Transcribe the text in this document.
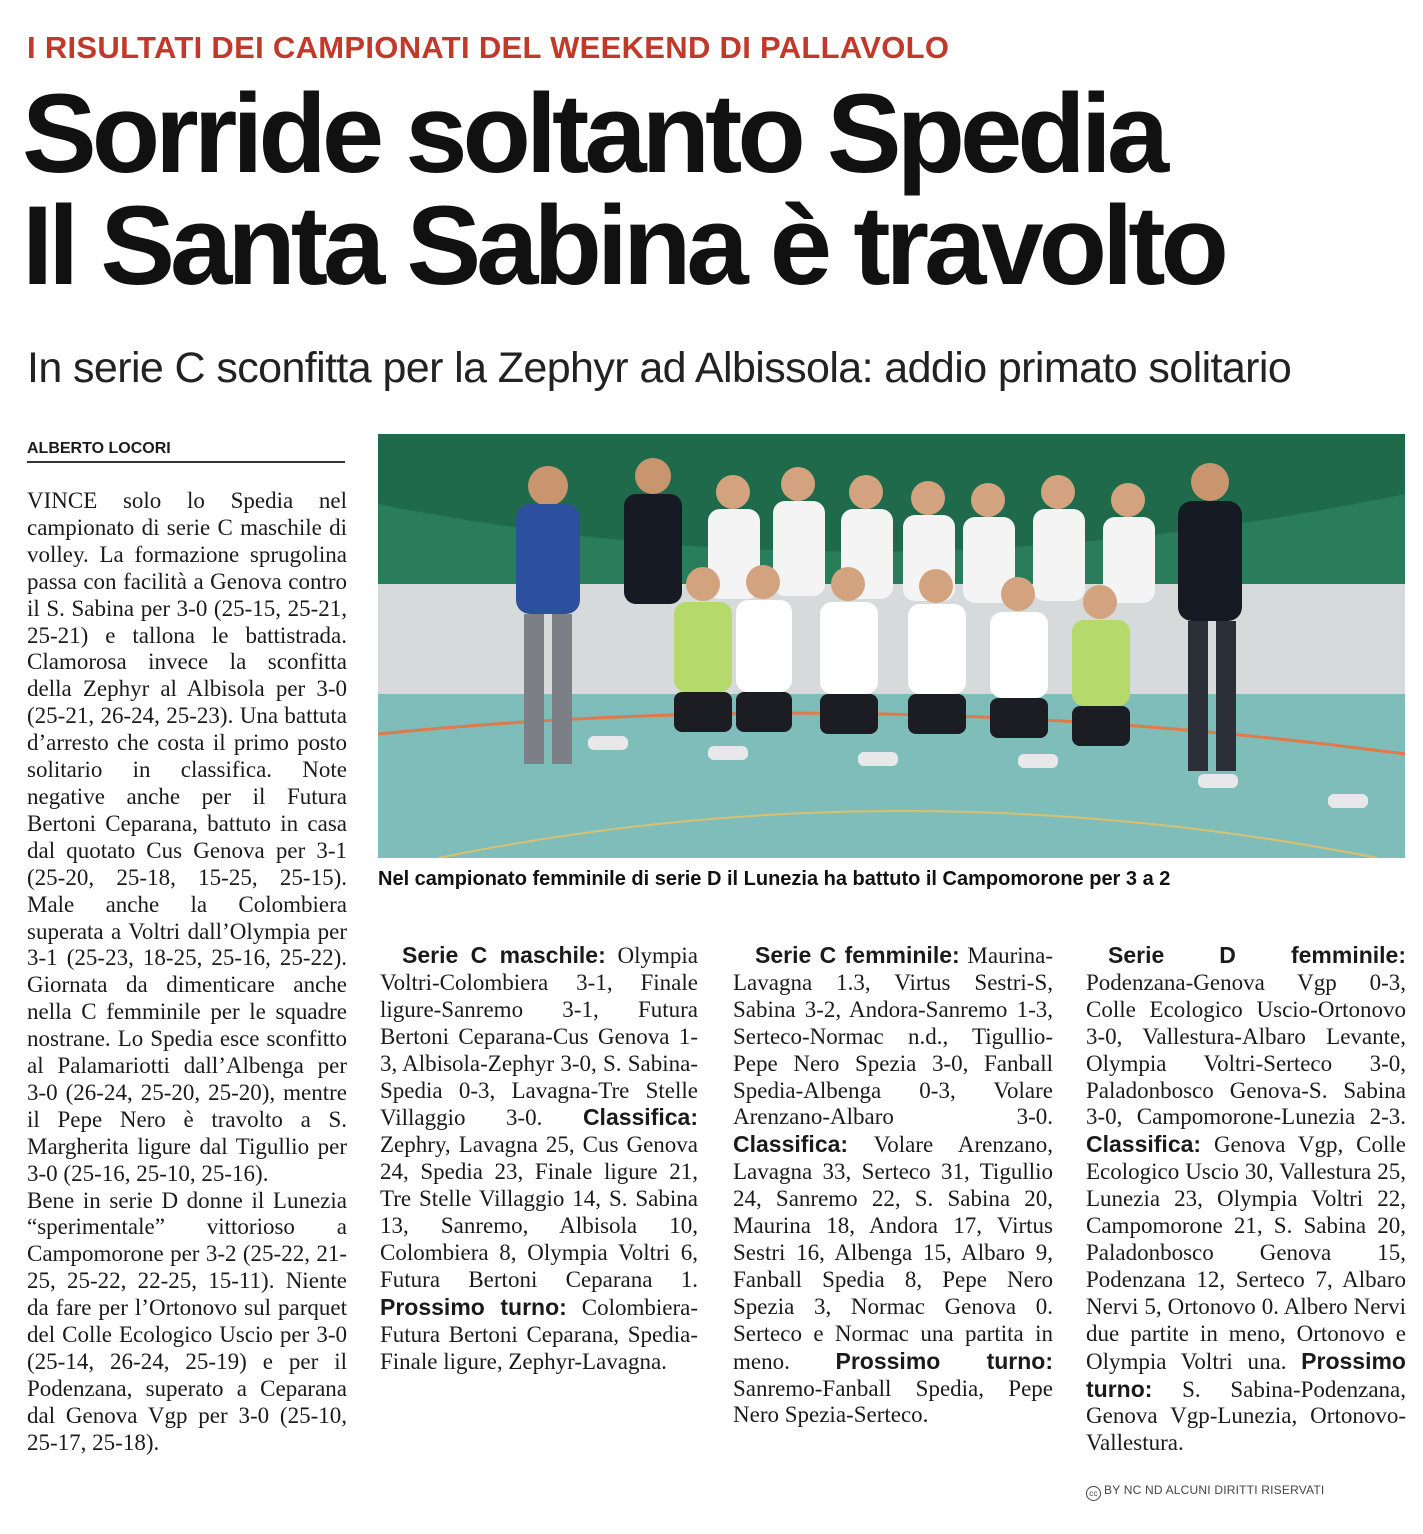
I RISULTATI DEI CAMPIONATI DEL WEEKEND DI PALLAVOLO
Sorride soltanto Spedia
Il Santa Sabina è travolto
In serie C sconfitta per la Zephyr ad Albissola: addio primato solitario
ALBERTO LOCORI
Nel campionato femminile di serie D il Lunezia ha battuto il Campomorone per 3 a 2

VINCE solo lo Spedia nel campionato di serie C maschile di volley. La formazione sprugolina passa con facilità a Genova contro il S. Sabina per 3-0 (25-15, 25-21, 25-21) e tallona le battistrada. Clamorosa invece la sconfitta della Zephyr al Albisola per 3-0 (25-21, 26-24, 25-23). Una battuta d’arresto che costa il primo posto solitario in classifica. Note negative anche per il Futura Bertoni Ceparana, battuto in casa dal quotato Cus Genova per 3-1 (25-20, 25-18, 15-25, 25-15). Male anche la Colombiera superata a Voltri dall’Olympia per 3-1 (25-23, 18-25, 25-16, 25-22). Giornata da dimenticare anche nella C femminile per le squadre nostrane. Lo Spedia esce sconfitto al Palamariotti dall’Albenga per 3-0 (26-24, 25-20, 25-20), mentre il Pepe Nero è travolto a S. Margherita ligure dal Tigullio per 3-0 (25-16, 25-10, 25-16).

Bene in serie D donne il Lunezia “sperimentale” vittorioso a Campomorone per 3-2 (25-22, 21-25, 25-22, 22-25, 15-11). Niente da fare per l’Ortonovo sul parquet del Colle Ecologico Uscio per 3-0 (25-14, 26-24, 25-19) e per il Podenzana, superato a Ceparana dal Genova Vgp per 3-0 (25-10, 25-17, 25-18).

Serie C maschile: Olympia Voltri-Colombiera 3-1, Finale ligure-Sanremo 3-1, Futura Bertoni Ceparana-Cus Genova 1-3, Albisola-Zephyr 3-0, S. Sabina-Spedia 0-3, Lavagna-Tre Stelle Villaggio 3-0. Classifica: Zephry, Lavagna 25, Cus Genova 24, Spedia 23, Finale ligure 21, Tre Stelle Villaggio 14, S. Sabina 13, Sanremo, Albisola 10, Colombiera 8, Olympia Voltri 6, Futura Bertoni Ceparana 1. Prossimo turno: Colombiera-Futura Bertoni Ceparana, Spedia-Finale ligure, Zephyr-Lavagna.

Serie C femminile: Maurina-Lavagna 1.3, Virtus Sestri-S, Sabina 3-2, Andora-Sanremo 1-3, Serteco-Normac n.d., Tigullio-Pepe Nero Spezia 3-0, Fanball Spedia-Albenga 0-3, Volare Arenzano-Albaro 3-0. Classifica: Volare Arenzano, Lavagna 33, Serteco 31, Tigullio 24, Sanremo 22, S. Sabina 20, Maurina 18, Andora 17, Virtus Sestri 16, Albenga 15, Albaro 9, Fanball Spedia 8, Pepe Nero Spezia 3, Normac Genova 0. Serteco e Normac una partita in meno. Prossimo turno: Sanremo-Fanball Spedia, Pepe Nero Spezia-Serteco.

Serie D femminile: Podenzana-Genova Vgp 0-3, Colle Ecologico Uscio-Ortonovo 3-0, Vallestura-Albaro Levante, Olympia Voltri-Serteco 3-0, Paladonbosco Genova-S. Sabina 3-0, Campomorone-Lunezia 2-3. Classifica: Genova Vgp, Colle Ecologico Uscio 30, Vallestura 25, Lunezia 23, Olympia Voltri 22, Campomorone 21, S. Sabina 20, Paladonbosco Genova 15, Podenzana 12, Serteco 7, Albaro Nervi 5, Ortonovo 0. Albero Nervi due partite in meno, Ortonovo e Olympia Voltri una. Prossimo turno: S. Sabina-Podenzana, Genova Vgp-Lunezia, Ortonovo-Vallestura.

cc BY NC ND ALCUNI DIRITTI RISERVATI
